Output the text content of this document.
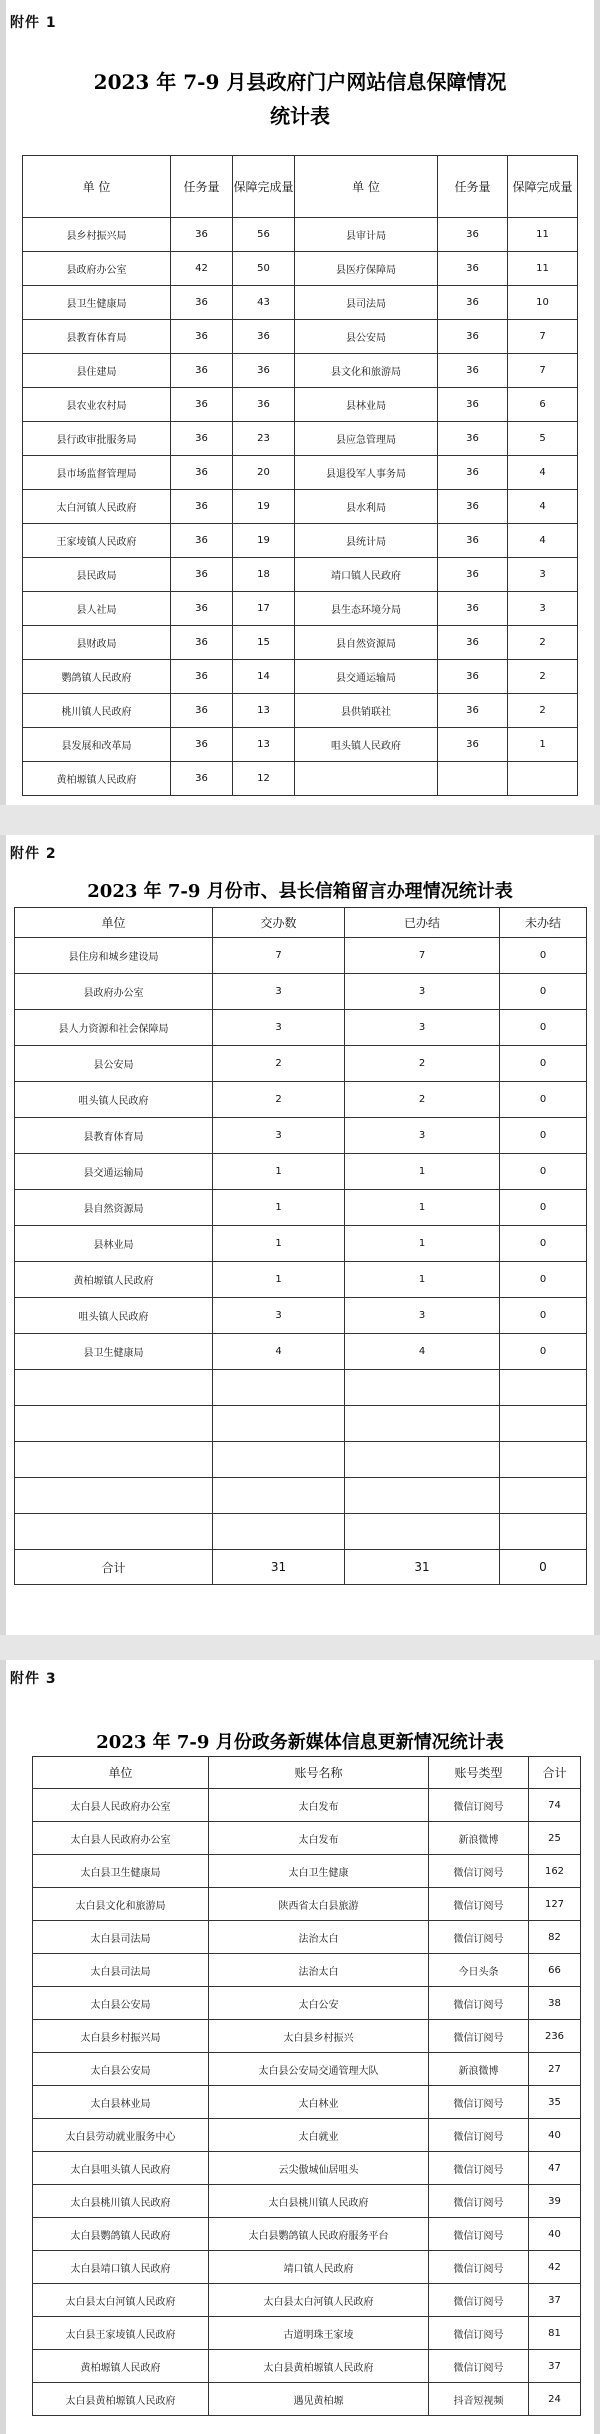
附件 1
2023 年 7-9 月县政府门户网站信息保障情况
统计表
单 位	任务量	保障完成量	单 位	任务量	保障完成量
县乡村振兴局	36	56	县审计局	36	11
县政府办公室	42	50	县医疗保障局	36	11
县卫生健康局	36	43	县司法局	36	10
县教育体育局	36	36	县公安局	36	7
县住建局	36	36	县文化和旅游局	36	7
县农业农村局	36	36	县林业局	36	6
县行政审批服务局	36	23	县应急管理局	36	5
县市场监督管理局	36	20	县退役军人事务局	36	4
太白河镇人民政府	36	19	县水利局	36	4
王家堎镇人民政府	36	19	县统计局	36	4
县民政局	36	18	靖口镇人民政府	36	3
县人社局	36	17	县生态环境分局	36	3
县财政局	36	15	县自然资源局	36	2
鹦鸽镇人民政府	36	14	县交通运输局	36	2
桃川镇人民政府	36	13	县供销联社	36	2
县发展和改革局	36	13	咀头镇人民政府	36	1
黄柏塬镇人民政府	36	12			
附件 2
2023 年 7-9 月份市、县长信箱留言办理情况统计表
单位	交办数	已办结	未办结
县住房和城乡建设局	7	7	0
县政府办公室	3	3	0
县人力资源和社会保障局	3	3	0
县公安局	2	2	0
咀头镇人民政府	2	2	0
县教育体育局	3	3	0
县交通运输局	1	1	0
县自然资源局	1	1	0
县林业局	1	1	0
黄柏塬镇人民政府	1	1	0
咀头镇人民政府	3	3	0
县卫生健康局	4	4	0

合计	31	31	0
附件 3
2023 年 7-9 月份政务新媒体信息更新情况统计表
单位	账号名称	账号类型	合计
太白县人民政府办公室	太白发布	微信订阅号	74
太白县人民政府办公室	太白发布	新浪微博	25
太白县卫生健康局	太白卫生健康	微信订阅号	162
太白县文化和旅游局	陕西省太白县旅游	微信订阅号	127
太白县司法局	法治太白	微信订阅号	82
太白县司法局	法治太白	今日头条	66
太白县公安局	太白公安	微信订阅号	38
太白县乡村振兴局	太白县乡村振兴	微信订阅号	236
太白县公安局	太白县公安局交通管理大队	新浪微博	27
太白县林业局	太白林业	微信订阅号	35
太白县劳动就业服务中心	太白就业	微信订阅号	40
太白县咀头镇人民政府	云尖傲城仙居咀头	微信订阅号	47
太白县桃川镇人民政府	太白县桃川镇人民政府	微信订阅号	39
太白县鹦鸽镇人民政府	太白县鹦鸽镇人民政府服务平台	微信订阅号	40
太白县靖口镇人民政府	靖口镇人民政府	微信订阅号	42
太白县太白河镇人民政府	太白县太白河镇人民政府	微信订阅号	37
太白县王家堎镇人民政府	古道明珠王家堎	微信订阅号	81
黄柏塬镇人民政府	太白县黄柏塬镇人民政府	微信订阅号	37
太白县黄柏塬镇人民政府	遇见黄柏塬	抖音短视频	24
